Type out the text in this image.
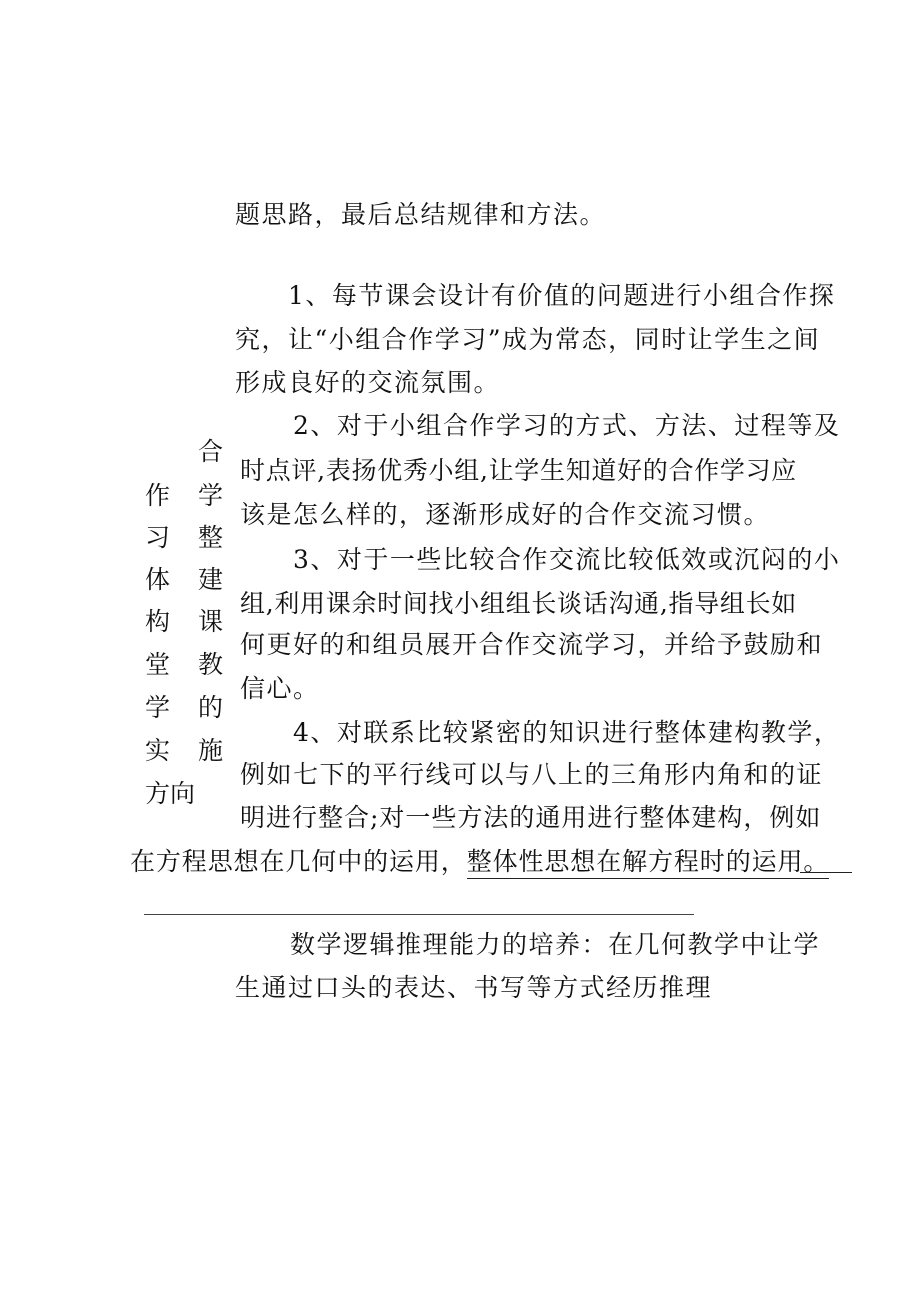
题思路，最后总结规律和方法。
1、每节课会设计有价值的问题进行小组合作探
究，让“小组合作学习”成为常态，同时让学生之间
形成良好的交流氛围。
2、对于小组合作学习的方式、方法、过程等及
时点评,表扬优秀小组,让学生知道好的合作学习应
该是怎么样的，逐渐形成好的合作交流习惯。
3、对于一些比较合作交流比较低效或沉闷的小
组,利用课余时间找小组组长谈话沟通,指导组长如
何更好的和组员展开合作交流学习，并给予鼓励和
信心。
4、对联系比较紧密的知识进行整体建构教学，
例如七下的平行线可以与八上的三角形内角和的证
明进行整合;对一些方法的通用进行整体建构，例如
在方程思想在几何中的运用，整体性思想在解方程时的运用。
作
习
体
构
堂
学
实
合
学
整
建
课
教
的
施
方向
数学逻辑推理能力的培养：在几何教学中让学
生通过口头的表达、书写等方式经历推理
